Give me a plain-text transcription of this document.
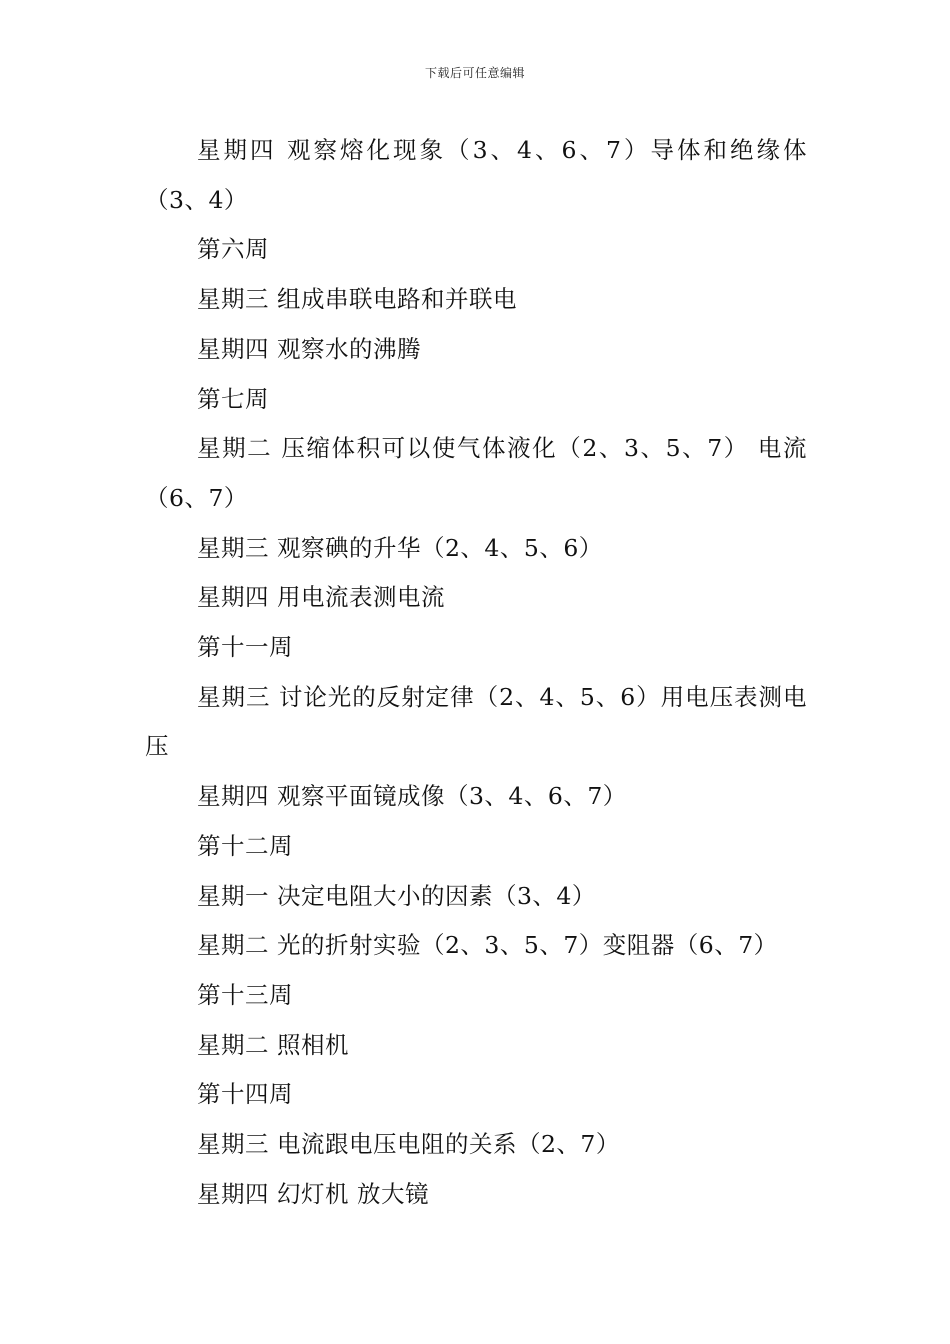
下载后可任意编辑

星期四 观察熔化现象（3、4、6、7）导体和绝缘体（3、4）

第六周

星期三 组成串联电路和并联电

星期四 观察水的沸腾

第七周

星期二 压缩体积可以使气体液化（2、3、5、7） 电流（6、7）

星期三 观察碘的升华（2、4、5、6）

星期四 用电流表测电流

第十一周

星期三 讨论光的反射定律（2、4、5、6）用电压表测电压

星期四 观察平面镜成像（3、4、6、7）

第十二周

星期一 决定电阻大小的因素（3、4）

星期二 光的折射实验（2、3、5、7）变阻器（6、7）

第十三周

星期二 照相机

第十四周

星期三 电流跟电压电阻的关系（2、7）

星期四 幻灯机 放大镜
